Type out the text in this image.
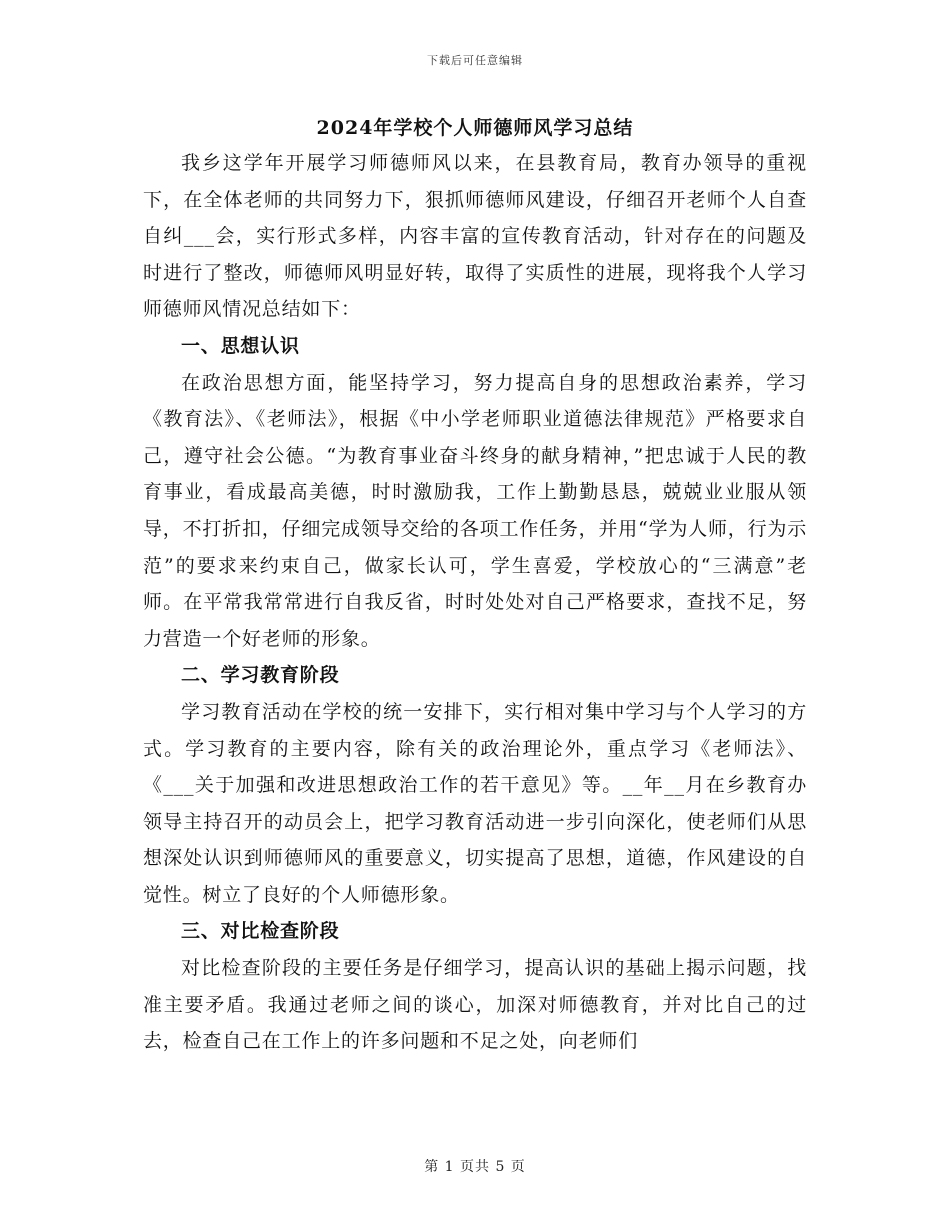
下载后可任意编辑
2024年学校个人师德师风学习总结

我乡这学年开展学习师德师风以来，在县教育局，教育办领导的重视下，在全体老师的共同努力下，狠抓师德师风建设，仔细召开老师个人自查自纠___会，实行形式多样，内容丰富的宣传教育活动，针对存在的问题及时进行了整改，师德师风明显好转，取得了实质性的进展，现将我个人学习师德师风情况总结如下：

一、思想认识

在政治思想方面，能坚持学习，努力提高自身的思想政治素养，学习《教育法》、《老师法》，根据《中小学老师职业道德法律规范》严格要求自己，遵守社会公德。“为教育事业奋斗终身的献身精神，”把忠诚于人民的教育事业，看成最高美德，时时激励我，工作上勤勤恳恳，兢兢业业服从领导，不打折扣，仔细完成领导交给的各项工作任务，并用“学为人师，行为示范”的要求来约束自己，做家长认可，学生喜爱，学校放心的“三满意”老师。在平常我常常进行自我反省，时时处处对自己严格要求，查找不足，努力营造一个好老师的形象。

二、学习教育阶段

学习教育活动在学校的统一安排下，实行相对集中学习与个人学习的方式。学习教育的主要内容，除有关的政治理论外，重点学习《老师法》、《___关于加强和改进思想政治工作的若干意见》等。__年__月在乡教育办领导主持召开的动员会上，把学习教育活动进一步引向深化，使老师们从思想深处认识到师德师风的重要意义，切实提高了思想，道德，作风建设的自觉性。树立了良好的个人师德形象。

三、对比检查阶段

对比检查阶段的主要任务是仔细学习，提高认识的基础上揭示问题，找准主要矛盾。我通过老师之间的谈心，加深对师德教育，并对比自己的过去，检查自己在工作上的许多问题和不足之处，向老师们

第 1 页共 5 页
